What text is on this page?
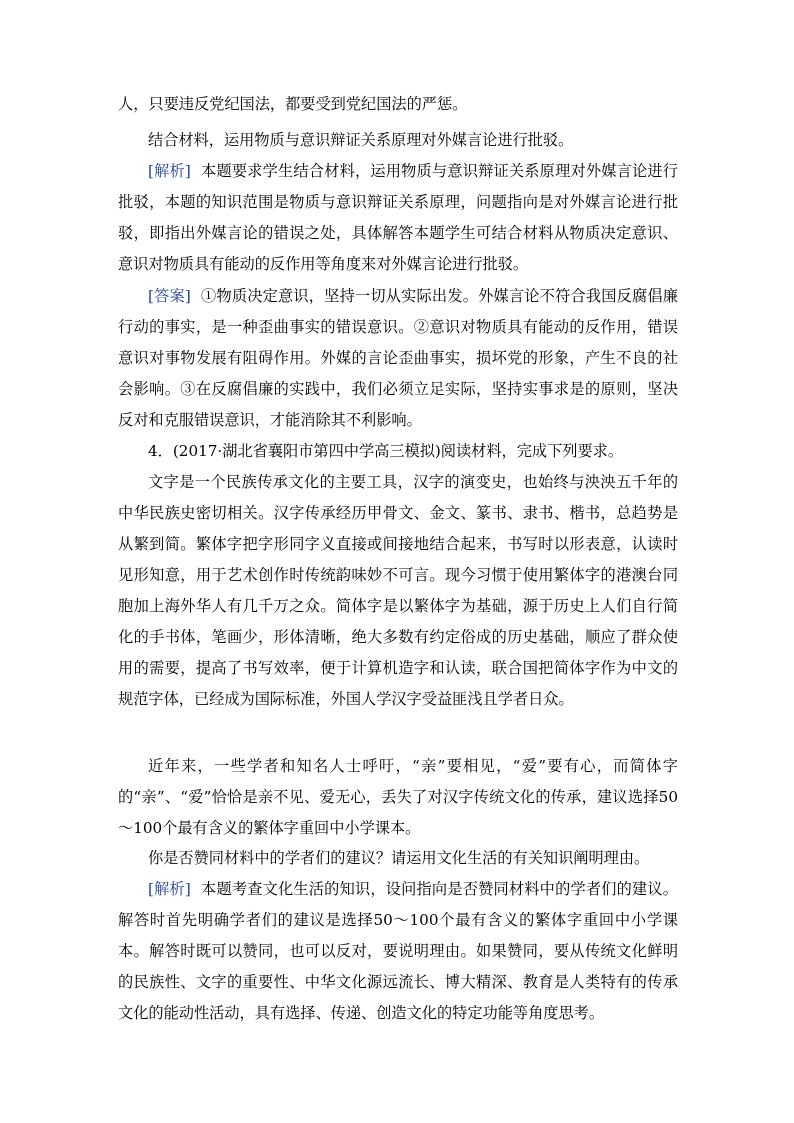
人，只要违反党纪国法，都要受到党纪国法的严惩。

结合材料，运用物质与意识辩证关系原理对外媒言论进行批驳。

[解析] 本题要求学生结合材料，运用物质与意识辩证关系原理对外媒言论进行批驳，本题的知识范围是物质与意识辩证关系原理，问题指向是对外媒言论进行批驳，即指出外媒言论的错误之处，具体解答本题学生可结合材料从物质决定意识、意识对物质具有能动的反作用等角度来对外媒言论进行批驳。

[答案] ①物质决定意识，坚持一切从实际出发。外媒言论不符合我国反腐倡廉行动的事实，是一种歪曲事实的错误意识。②意识对物质具有能动的反作用，错误意识对事物发展有阻碍作用。外媒的言论歪曲事实，损坏党的形象，产生不良的社会影响。③在反腐倡廉的实践中，我们必须立足实际，坚持实事求是的原则，坚决反对和克服错误意识，才能消除其不利影响。

4．(2017·湖北省襄阳市第四中学高三模拟)阅读材料，完成下列要求。

文字是一个民族传承文化的主要工具，汉字的演变史，也始终与泱泱五千年的中华民族史密切相关。汉字传承经历甲骨文、金文、篆书、隶书、楷书，总趋势是从繁到简。繁体字把字形同字义直接或间接地结合起来，书写时以形表意，认读时见形知意，用于艺术创作时传统韵味妙不可言。现今习惯于使用繁体字的港澳台同胞加上海外华人有几千万之众。简体字是以繁体字为基础，源于历史上人们自行简化的手书体，笔画少，形体清晰，绝大多数有约定俗成的历史基础，顺应了群众使用的需要，提高了书写效率，便于计算机造字和认读，联合国把简体字作为中文的规范字体，已经成为国际标准，外国人学汉字受益匪浅且学者日众。

近年来，一些学者和知名人士呼吁，“亲”要相见，“爱”要有心，而简体字的“亲”、“爱”恰恰是亲不见、爱无心，丢失了对汉字传统文化的传承，建议选择50～100个最有含义的繁体字重回中小学课本。

你是否赞同材料中的学者们的建议？请运用文化生活的有关知识阐明理由。

[解析] 本题考查文化生活的知识，设问指向是否赞同材料中的学者们的建议。解答时首先明确学者们的建议是选择50～100个最有含义的繁体字重回中小学课本。解答时既可以赞同，也可以反对，要说明理由。如果赞同，要从传统文化鲜明的民族性、文字的重要性、中华文化源远流长、博大精深、教育是人类特有的传承文化的能动性活动，具有选择、传递、创造文化的特定功能等角度思考。
